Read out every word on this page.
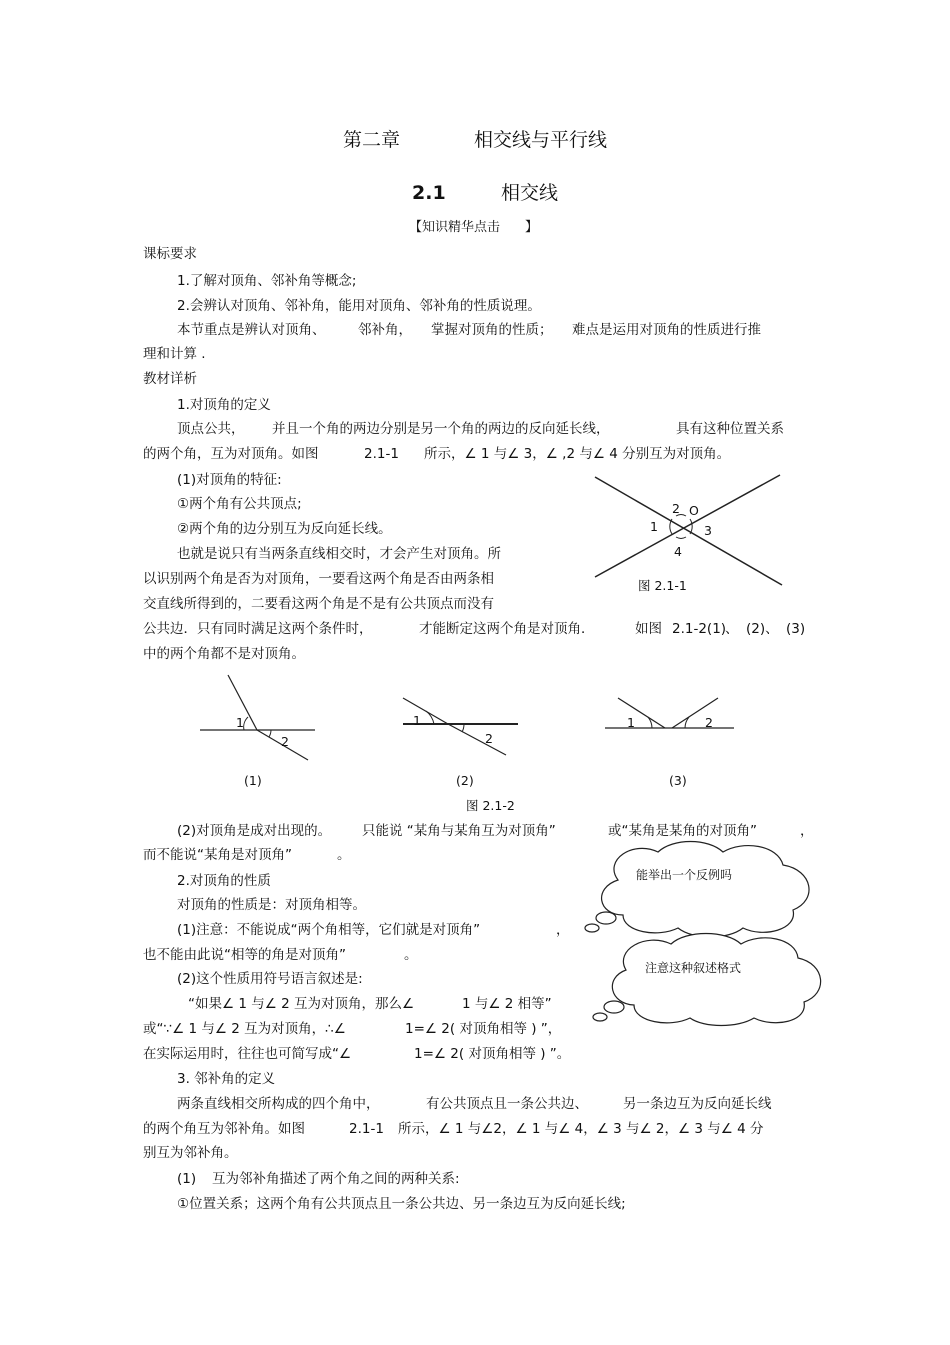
第二章	相交线与平行线
2.1	相交线
【知识精华点击 】
课标要求
1.了解对顶角、邻补角等概念;
2.会辨认对顶角、邻补角，能用对顶角、邻补角的性质说理。
本节重点是辨认对顶角、 邻补角， 掌握对顶角的性质； 难点是运用对顶角的性质进行推
理和计算 .
教材详析
1.对顶角的定义
顶点公共， 并且一个角的两边分别是另一个角的两边的反向延长线，	具有这种位置关系
的两个角，互为对顶角。如图	2.1-1 所示，∠ 1 与∠ 3，∠ ,2 与∠ 4 分别互为对顶角。
(1)对顶角的特征:
①两个角有公共顶点;
②两个角的边分别互为反向延长线。
也就是说只有当两条直线相交时，才会产生对顶角。所
以识别两个角是否为对顶角，一要看这两个角是否由两条相
交直线所得到的，二要看这两个角是不是有公共顶点而没有
公共边．只有同时满足这两个条件时，	才能断定这两个角是对顶角．	如图 2.1-2(1)
、 (2)、 (3)
中的两个角都不是对顶角。
1
2 O
3
4
图 2.1-1
1
2
1
2
1	2
(1)	(2)	(3)
图 2.1-2
(2)对顶角是成对出现的。 只能说 “某角与某角互为对顶角”	或“某角是某角的对顶角”	，
而不能说“某角是对顶角”	。
能举出一个反例吗
2.对顶角的性质
对顶角的性质是：对顶角相等。
(1)注意：不能说成“两个角相等，它们就是对顶角”	，
也不能由此说“相等的角是对顶角”	。
注意这种叙述格式
(2)这个性质用符号语言叙述是:
“如果∠ 1 与∠ 2 互为对顶角，那么∠	1 与∠ 2 相等”
或“∵∠ 1 与∠ 2 互为对顶角，∴∠	1=∠ 2( 对顶角相等 ) ”，
在实际运用时，往往也可简写成“∠	1=∠ 2( 对顶角相等 ) ”。
3. 邻补角的定义
两条直线相交所构成的四个角中，	有公共顶点且一条公共边、	另一条边互为反向延长线
的两个角互为邻补角。如图	2.1-1 所示，∠ 1 与∠2，∠ 1 与∠ 4，∠ 3 与∠ 2，∠ 3 与∠ 4 分
别互为邻补角。
(1) 互为邻补角描述了两个角之间的两种关系:
①位置关系；这两个角有公共顶点且一条公共边、另一条边互为反向延长线;
